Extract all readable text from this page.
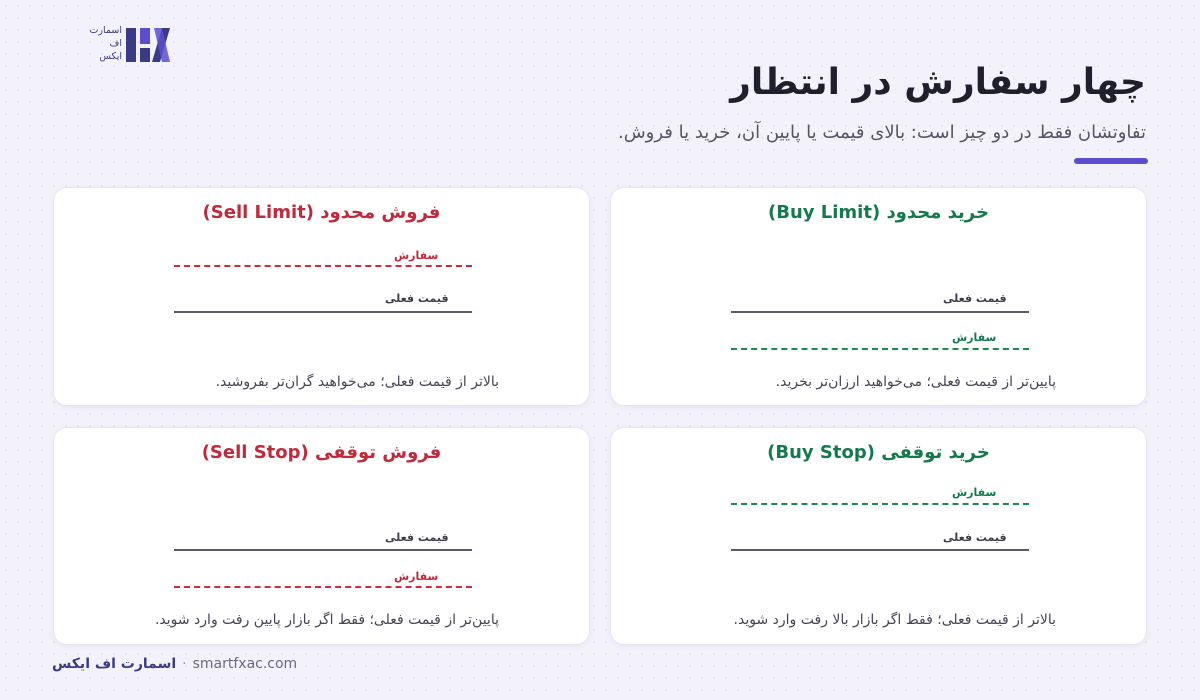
اسمارت
اف
ایکس
چهار سفارش در انتظار
تفاوتشان فقط در دو چیز است: بالای قیمت یا پایین آن، خرید یا فروش.
خرید محدود (Buy Limit)
قیمت فعلی
سفارش
پایین‌تر از قیمت فعلی؛ می‌خواهید ارزان‌تر بخرید.
فروش محدود (Sell Limit)
سفارش
قیمت فعلی
بالاتر از قیمت فعلی؛ می‌خواهید گران‌تر بفروشید.
خرید توقفی (Buy Stop)
سفارش
قیمت فعلی
بالاتر از قیمت فعلی؛ فقط اگر بازار بالا رفت وارد شوید.
فروش توقفی (Sell Stop)
قیمت فعلی
سفارش
پایین‌تر از قیمت فعلی؛ فقط اگر بازار پایین رفت وارد شوید.
اسمارت اف ایکس · smartfxac.com
